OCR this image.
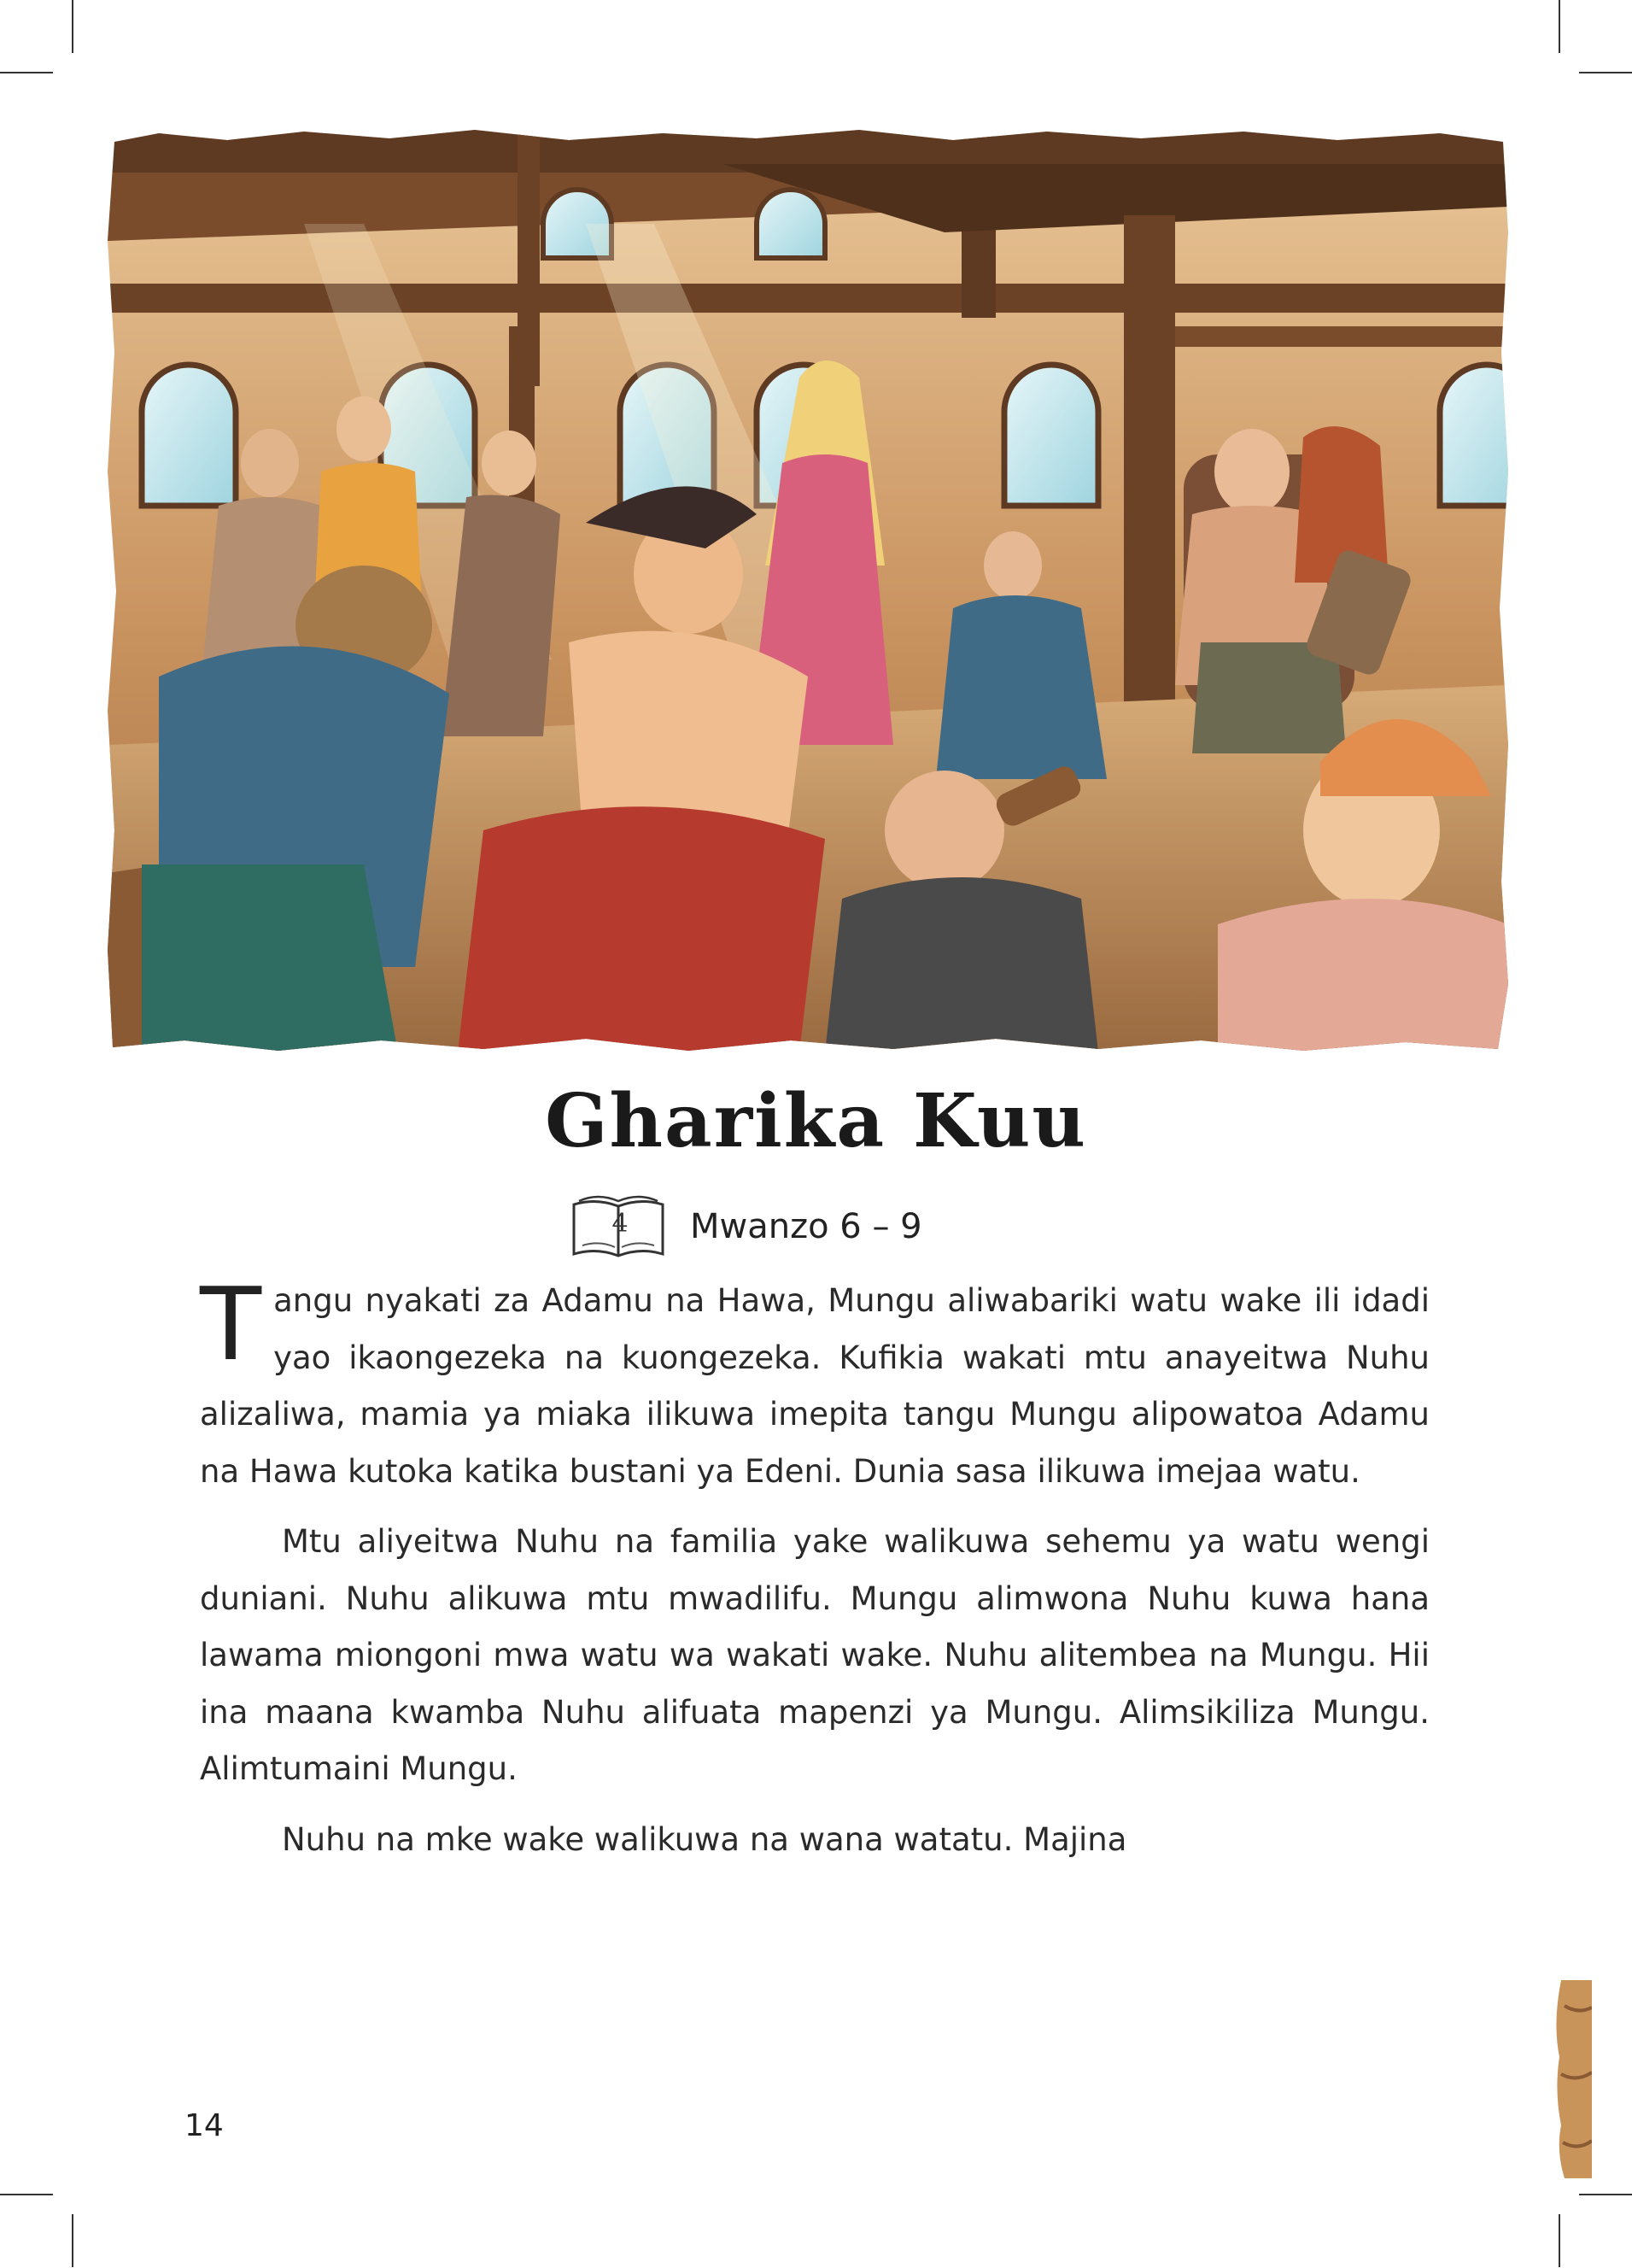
Gharika Kuu
4 Mwanzo 6 – 9

Tangu nyakati za Adamu na Hawa, Mungu aliwabariki watu wake ili idadi yao ikaongezeka na kuongezeka. Kufikia wakati mtu anayeitwa Nuhu alizaliwa, mamia ya miaka ilikuwa imepita tangu Mungu alipowatoa Adamu na Hawa kutoka katika bustani ya Edeni. Dunia sasa ilikuwa imejaa watu.

Mtu aliyeitwa Nuhu na familia yake walikuwa sehemu ya watu wengi duniani. Nuhu alikuwa mtu mwadilifu. Mungu alimwona Nuhu kuwa hana lawama miongoni mwa watu wa wakati wake. Nuhu alitembea na Mungu. Hii ina maana kwamba Nuhu alifuata mapenzi ya Mungu. Alimsikiliza Mungu. Alimtumaini Mungu.

Nuhu na mke wake walikuwa na wana watatu. Majina

14
